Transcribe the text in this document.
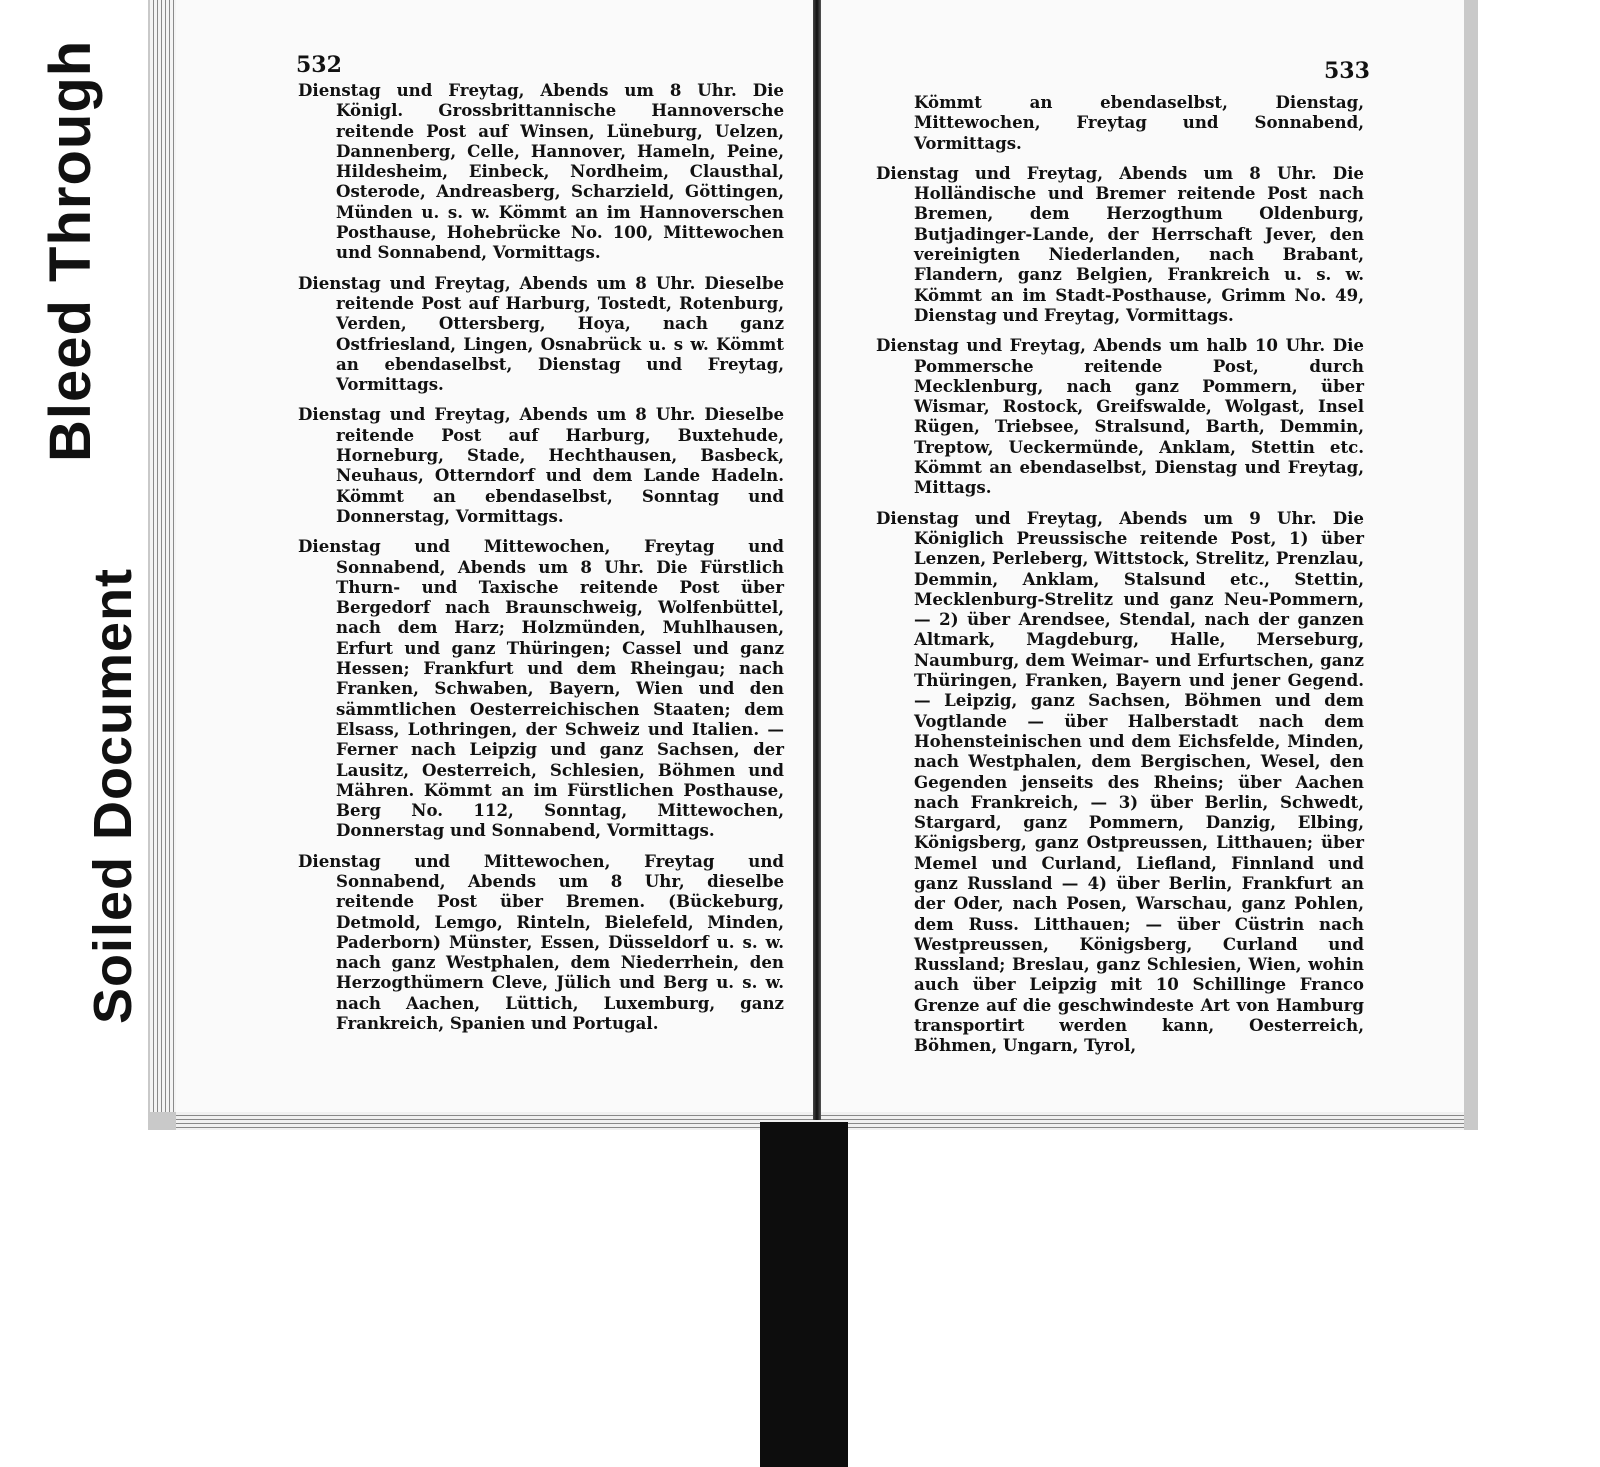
Bleed Through
Soiled Document
532	533

Dienstag und Freytag, Abends um 8 Uhr. Die Königl. Grossbrittannische Hannoversche reitende Post auf Winsen, Lüneburg, Uelzen, Dannenberg, Celle, Hannover, Hameln, Peine, Hildesheim, Einbeck, Nordheim, Clausthal, Osterode, Andreasberg, Scharzield, Göttingen, Münden u. s. w. Kömmt an im Hannoverschen Posthause, Hohebrücke No. 100, Mittewochen und Sonnabend, Vormittags.

Dienstag und Freytag, Abends um 8 Uhr. Dieselbe reitende Post auf Harburg, Tostedt, Rotenburg, Verden, Ottersberg, Hoya, nach ganz Ostfriesland, Lingen, Osnabrück u. s w. Kömmt an ebendaselbst, Dienstag und Freytag, Vormittags.

Dienstag und Freytag, Abends um 8 Uhr. Dieselbe reitende Post auf Harburg, Buxtehude, Horneburg, Stade, Hechthausen, Basbeck, Neuhaus, Otterndorf und dem Lande Hadeln. Kömmt an ebendaselbst, Sonntag und Donnerstag, Vormittags.

Dienstag und Mittewochen, Freytag und Sonnabend, Abends um 8 Uhr. Die Fürstlich Thurn- und Taxische reitende Post über Bergedorf nach Braunschweig, Wolfenbüttel, nach dem Harz; Holzmünden, Muhlhausen, Erfurt und ganz Thüringen; Cassel und ganz Hessen; Frankfurt und dem Rheingau; nach Franken, Schwaben, Bayern, Wien und den sämmtlichen Oesterreichischen Staaten; dem Elsass, Lothringen, der Schweiz und Italien. — Ferner nach Leipzig und ganz Sachsen, der Lausitz, Oesterreich, Schlesien, Böhmen und Mähren. Kömmt an im Fürstlichen Posthause, Berg No. 112, Sonntag, Mittewochen, Donnerstag und Sonnabend, Vormittags.

Dienstag und Mittewochen, Freytag und Sonnabend, Abends um 8 Uhr, dieselbe reitende Post über Bremen. (Bückeburg, Detmold, Lemgo, Rinteln, Bielefeld, Minden, Paderborn) Münster, Essen, Düsseldorf u. s. w. nach ganz Westphalen, dem Niederrhein, den Herzogthümern Cleve, Jülich und Berg u. s. w. nach Aachen, Lüttich, Luxemburg, ganz Frankreich, Spanien und Portugal.

Kömmt an ebendaselbst, Dienstag, Mittewochen, Freytag und Sonnabend, Vormittags.

Dienstag und Freytag, Abends um 8 Uhr. Die Holländische und Bremer reitende Post nach Bremen, dem Herzogthum Oldenburg, Butjadinger-Lande, der Herrschaft Jever, den vereinigten Niederlanden, nach Brabant, Flandern, ganz Belgien, Frankreich u. s. w. Kömmt an im Stadt-Posthause, Grimm No. 49, Dienstag und Freytag, Vormittags.

Dienstag und Freytag, Abends um halb 10 Uhr. Die Pommersche reitende Post, durch Mecklenburg, nach ganz Pommern, über Wismar, Rostock, Greifswalde, Wolgast, Insel Rügen, Triebsee, Stralsund, Barth, Demmin, Treptow, Ueckermünde, Anklam, Stettin etc. Kömmt an ebendaselbst, Dienstag und Freytag, Mittags.

Dienstag und Freytag, Abends um 9 Uhr. Die Königlich Preussische reitende Post, 1) über Lenzen, Perleberg, Wittstock, Strelitz, Prenzlau, Demmin, Anklam, Stalsund etc., Stettin, Mecklenburg-Strelitz und ganz Neu-Pommern, — 2) über Arendsee, Stendal, nach der ganzen Altmark, Magdeburg, Halle, Merseburg, Naumburg, dem Weimar- und Erfurtschen, ganz Thüringen, Franken, Bayern und jener Gegend. — Leipzig, ganz Sachsen, Böhmen und dem Vogtlande — über Halberstadt nach dem Hohensteinischen und dem Eichsfelde, Minden, nach Westphalen, dem Bergischen, Wesel, den Gegenden jenseits des Rheins; über Aachen nach Frankreich, — 3) über Berlin, Schwedt, Stargard, ganz Pommern, Danzig, Elbing, Königsberg, ganz Ostpreussen, Litthauen; über Memel und Curland, Liefland, Finnland und ganz Russland — 4) über Berlin, Frankfurt an der Oder, nach Posen, Warschau, ganz Pohlen, dem Russ. Litthauen; — über Cüstrin nach Westpreussen, Königsberg, Curland und Russland; Breslau, ganz Schlesien, Wien, wohin auch über Leipzig mit 10 Schillinge Franco Grenze auf die geschwindeste Art von Hamburg transportirt werden kann, Oesterreich, Böhmen, Ungarn, Tyrol,
